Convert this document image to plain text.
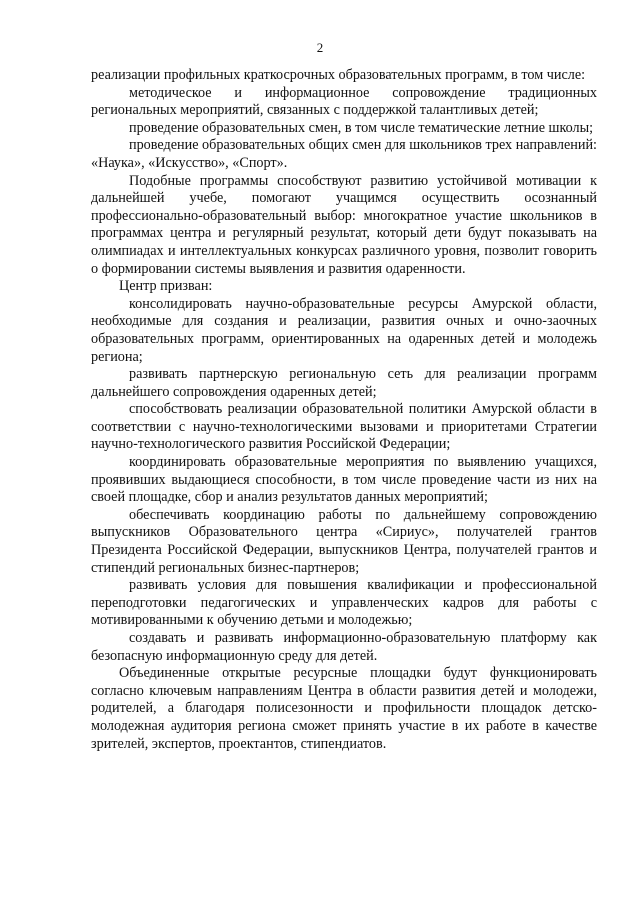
2

реализации профильных краткосрочных образовательных программ, в том числе:

методическое и информационное сопровождение традиционных региональных мероприятий, связанных с поддержкой талантливых детей;

проведение образовательных смен, в том числе тематические летние школы;

проведение образовательных общих смен для школьников трех направлений: «Наука», «Искусство», «Спорт».

Подобные программы способствуют развитию устойчивой мотивации к дальнейшей учебе, помогают учащимся осуществить осознанный профессионально-образовательный выбор: многократное участие школьников в программах центра и регулярный результат, который дети будут показывать на олимпиадах и интеллектуальных конкурсах различного уровня, позволит говорить о формировании системы выявления и развития одаренности.

Центр призван:

консолидировать научно-образовательные ресурсы Амурской области, необходимые для создания и реализации, развития очных и очно-заочных образовательных программ, ориентированных на одаренных детей и молодежь региона;

развивать партнерскую региональную сеть для реализации программ дальнейшего сопровождения одаренных детей;

способствовать реализации образовательной политики Амурской области в соответствии с научно-технологическими вызовами и приоритетами Стратегии научно-технологического развития Российской Федерации;

координировать образовательные мероприятия по выявлению учащихся, проявивших выдающиеся способности, в том числе проведение части из них на своей площадке, сбор и анализ результатов данных мероприятий;

обеспечивать координацию работы по дальнейшему сопровождению выпускников Образовательного центра «Сириус», получателей грантов Президента Российской Федерации, выпускников Центра, получателей грантов и стипендий региональных бизнес-партнеров;

развивать условия для повышения квалификации и профессиональной переподготовки педагогических и управленческих кадров для работы с мотивированными к обучению детьми и молодежью;

создавать и развивать информационно-образовательную платформу как безопасную информационную среду для детей.

Объединенные открытые ресурсные площадки будут функционировать согласно ключевым направлениям Центра в области развития детей и молодежи, родителей, а благодаря полисезонности и профильности площадок детско-молодежная аудитория региона сможет принять участие в их работе в качестве зрителей, экспертов, проектантов, стипендиатов.
